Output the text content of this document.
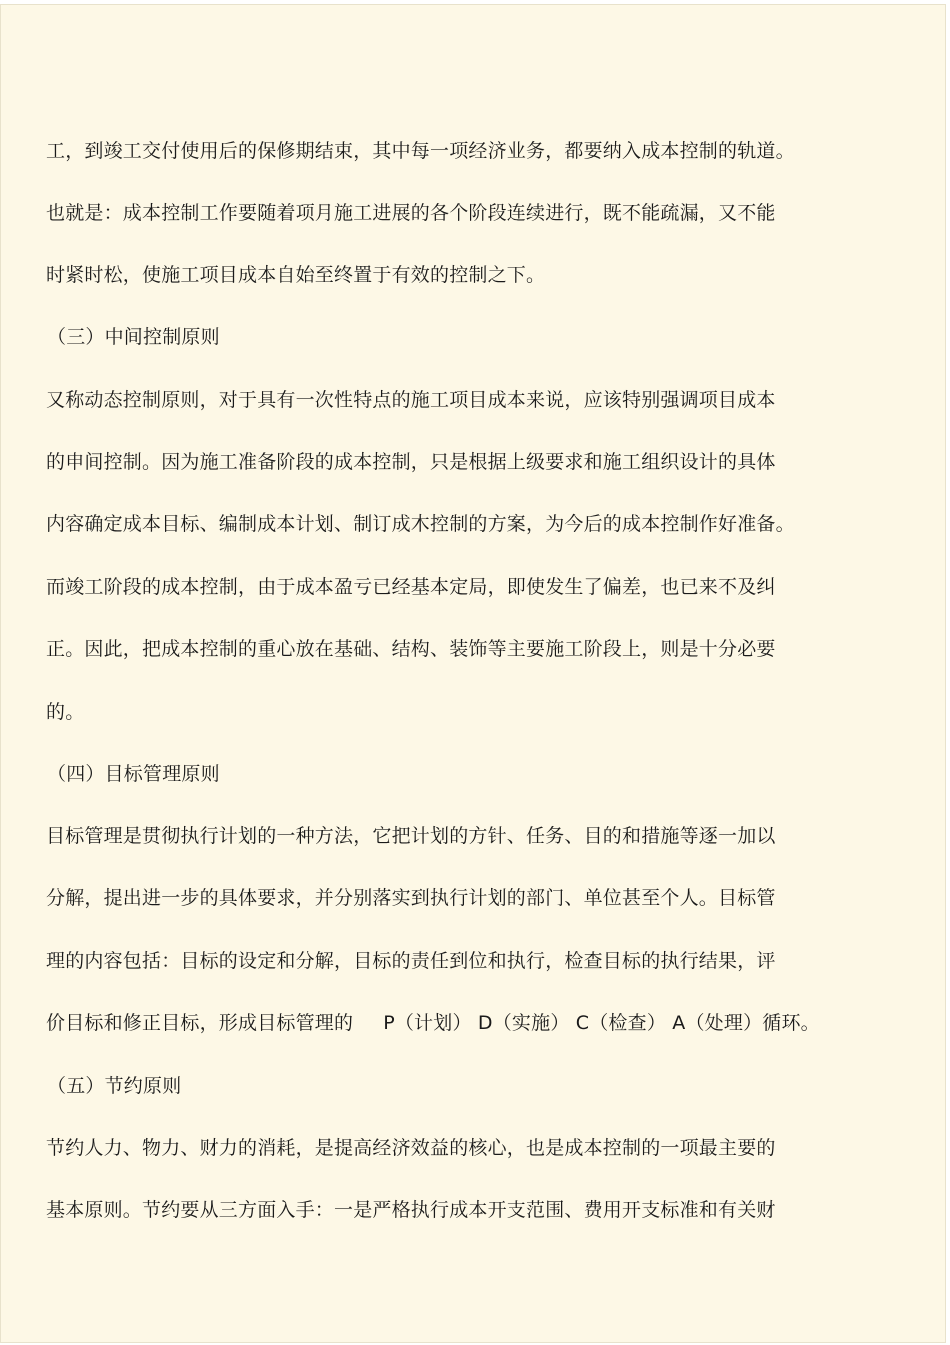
工，到竣工交付使用后的保修期结束，其中每一项经济业务，都要纳入成本控制的轨道。
也就是：成本控制工作要随着项月施工进展的各个阶段连续进行，既不能疏漏，又不能
时紧时松，使施工项目成本自始至终置于有效的控制之下。
（三）中间控制原则
又称动态控制原则，对于具有一次性特点的施工项目成本来说，应该特别强调项目成本
的申间控制。因为施工准备阶段的成本控制，只是根据上级要求和施工组织设计的具体
内容确定成本目标、编制成本计划、制订成木控制的方案，为今后的成本控制作好准备。
而竣工阶段的成本控制，由于成本盈亏已经基本定局，即使发生了偏差，也已来不及纠
正。因此，把成本控制的重心放在基础、结构、装饰等主要施工阶段上，则是十分必要
的。
（四）目标管理原则
目标管理是贯彻执行计划的一种方法，它把计划的方针、任务、目的和措施等逐一加以
分解，提出进一步的具体要求，并分别落实到执行计划的部门、单位甚至个人。目标管
理的内容包括：目标的设定和分解，目标的责任到位和执行，检查目标的执行结果，评
价目标和修正目标，形成目标管理的 P（计划） D（实施） C（检查） A（处理）循环。
（五）节约原则
节约人力、物力、财力的消耗，是提高经济效益的核心，也是成本控制的一项最主要的
基本原则。节约要从三方面入手：一是严格执行成本开支范围、费用开支标准和有关财
